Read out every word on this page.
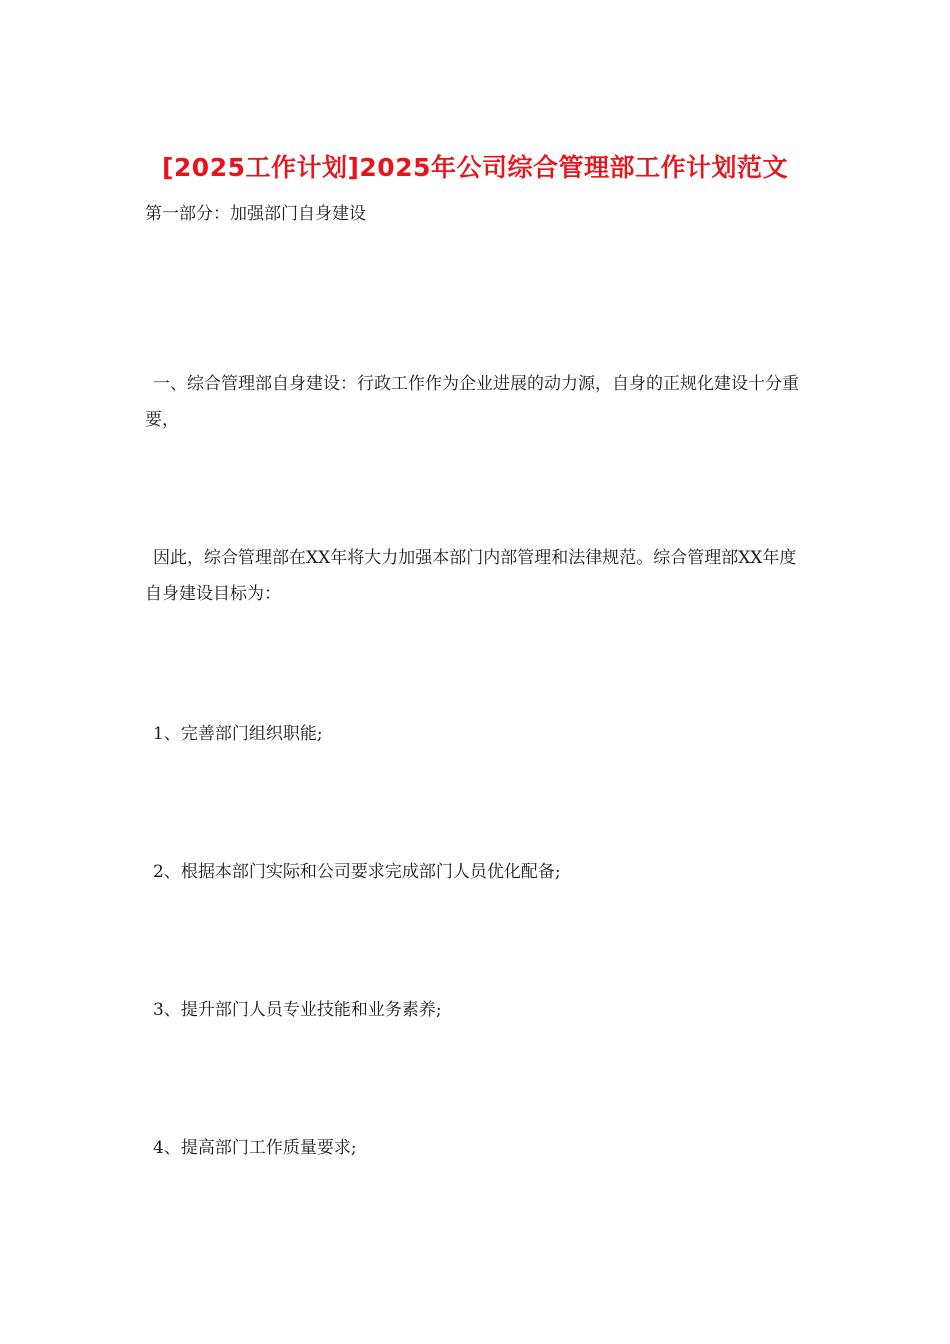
[2025工作计划]2025年公司综合管理部工作计划范文

第一部分：加强部门自身建设

一、综合管理部自身建设：行政工作作为企业进展的动力源，自身的正规化建设十分重要，

因此，综合管理部在XX年将大力加强本部门内部管理和法律规范。综合管理部XX年度自身建设目标为：

1、完善部门组织职能;

2、根据本部门实际和公司要求完成部门人员优化配备;

3、提升部门人员专业技能和业务素养;

4、提高部门工作质量要求;
